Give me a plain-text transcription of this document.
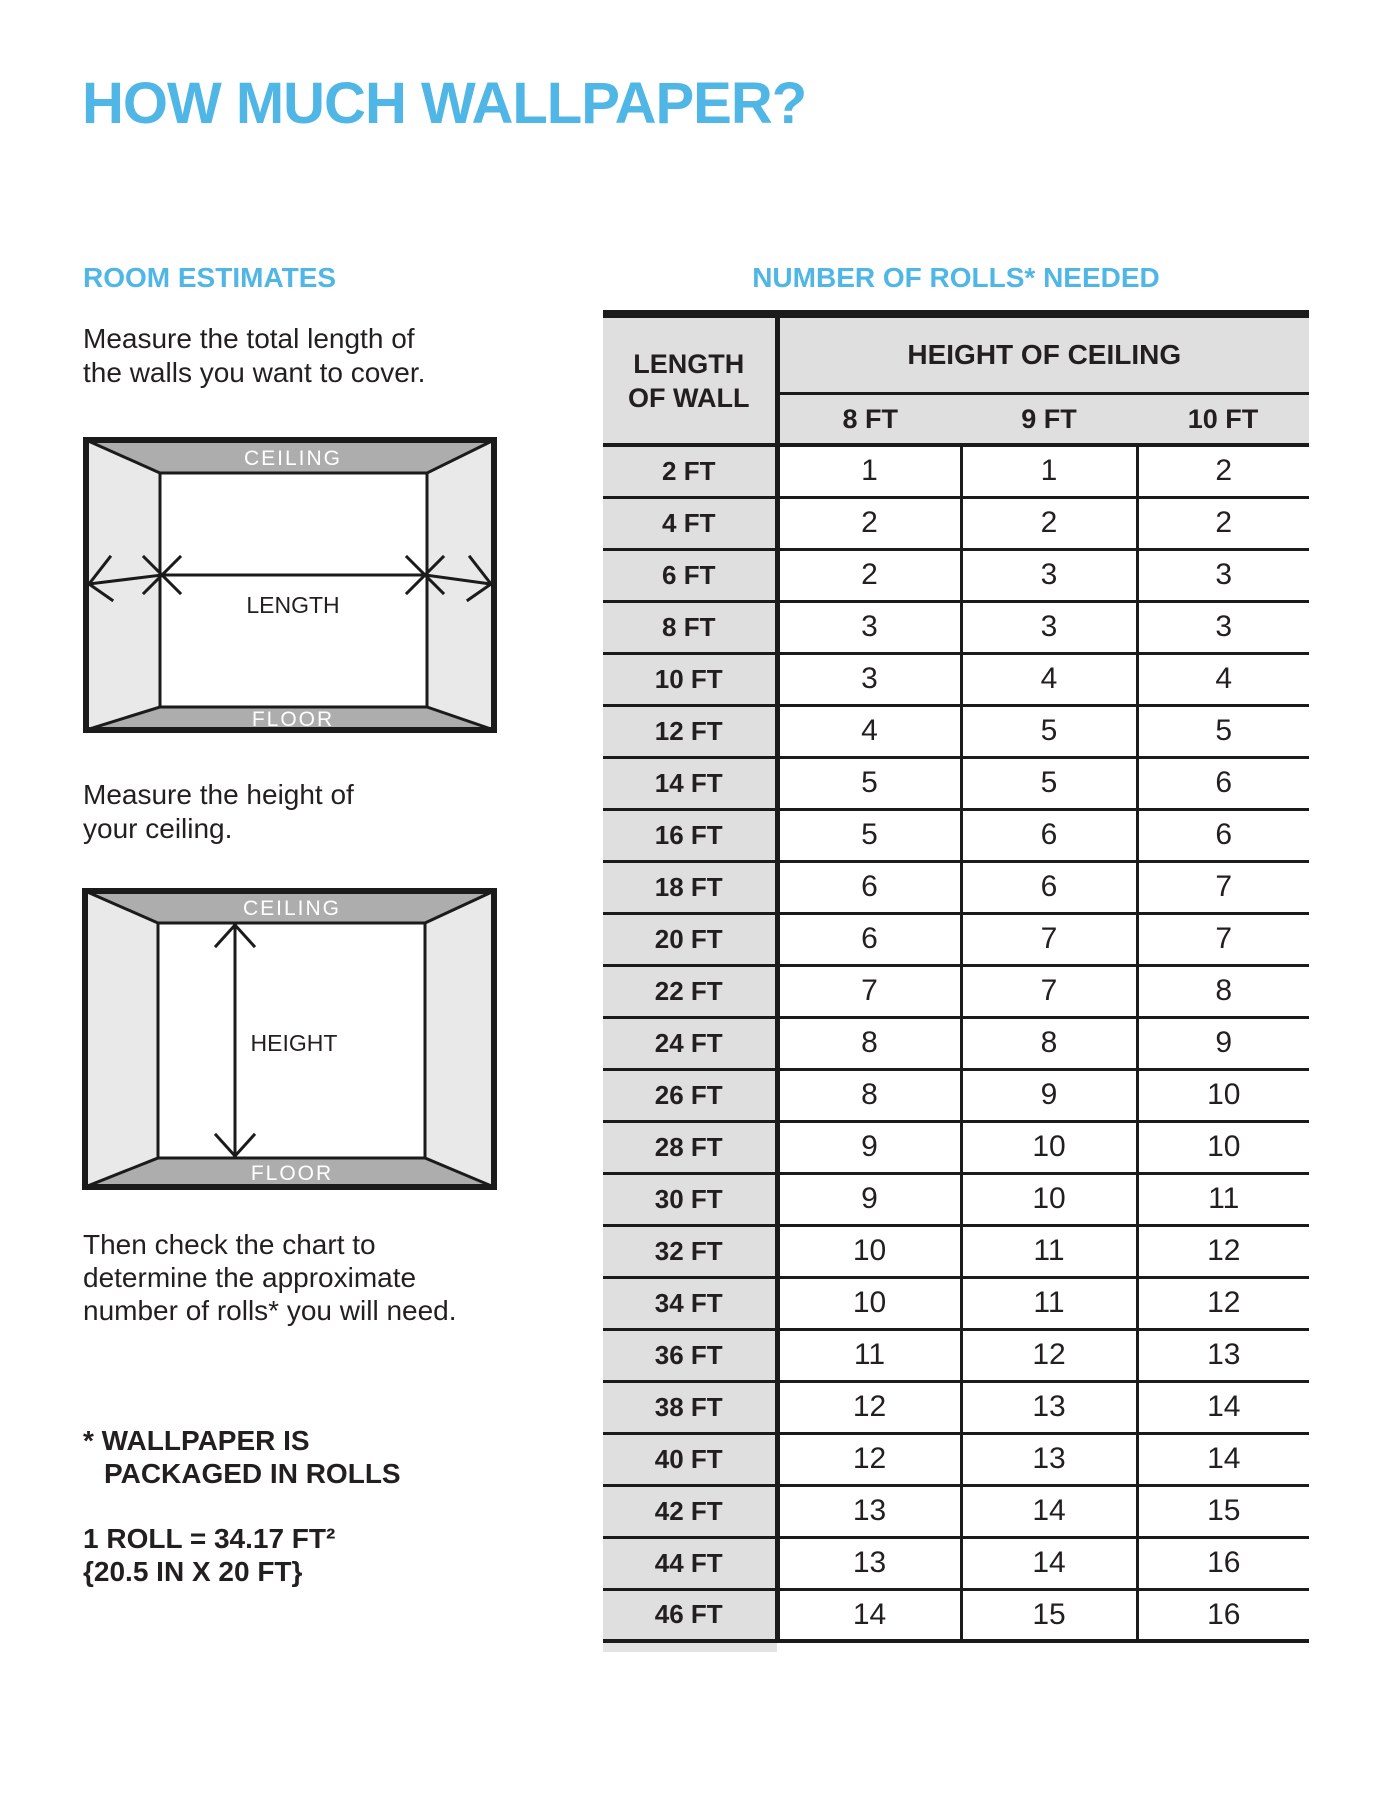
HOW MUCH WALLPAPER?
ROOM ESTIMATES
Measure the total length of
the walls you want to cover.
CEILING
FLOOR
LENGTH
Measure the height of
your ceiling.
CEILING
FLOOR
HEIGHT
Then check the chart to
determine the approximate
number of rolls* you will need.
* WALLPAPER IS
PACKAGED IN ROLLS
1 ROLL = 34.17 FT²
{20.5 IN X 20 FT}
NUMBER OF ROLLS* NEEDED
LENGTH
OF WALL	HEIGHT OF CEILING		
	8 FT	9 FT	10 FT
2 FT	1	1	2
4 FT	2	2	2
6 FT	2	3	3
8 FT	3	3	3
10 FT	3	4	4
12 FT	4	5	5
14 FT	5	5	6
16 FT	5	6	6
18 FT	6	6	7
20 FT	6	7	7
22 FT	7	7	8
24 FT	8	8	9
26 FT	8	9	10
28 FT	9	10	10
30 FT	9	10	11
32 FT	10	11	12
34 FT	10	11	12
36 FT	11	12	13
38 FT	12	13	14
40 FT	12	13	14
42 FT	13	14	15
44 FT	13	14	16
46 FT	14	15	16
